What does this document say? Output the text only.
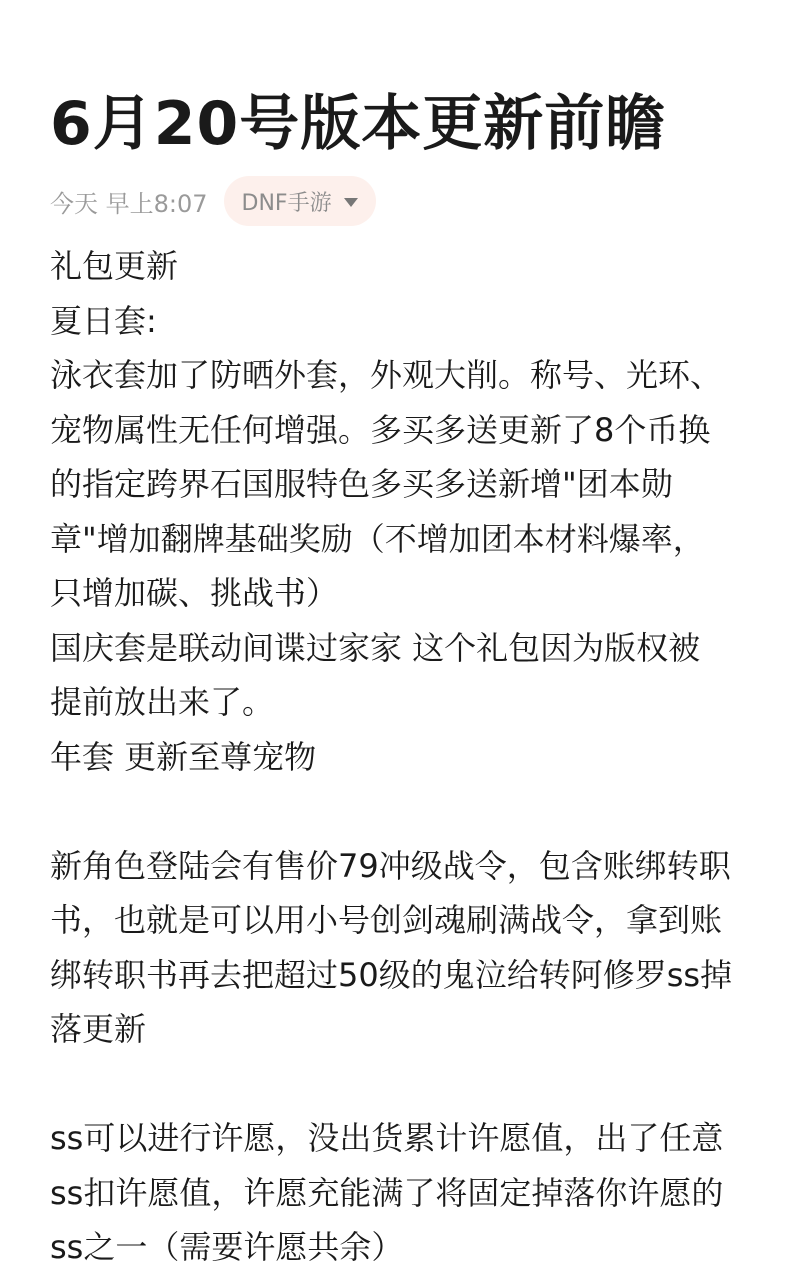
6月20号版本更新前瞻
今天 早上8:07 DNF手游
礼包更新
夏日套:
泳衣套加了防晒外套，外观大削。称号、光环、
宠物属性无任何增强。多买多送更新了8个币换
的指定跨界石国服特色多买多送新增"团本勋
章"增加翻牌基础奖励（不增加团本材料爆率，
只增加碳、挑战书）
国庆套是联动间谍过家家 这个礼包因为版权被
提前放出来了。
年套 更新至尊宠物
新角色登陆会有售价79冲级战令，包含账绑转职
书，也就是可以用小号创剑魂刷满战令，拿到账
绑转职书再去把超过50级的鬼泣给转阿修罗ss掉
落更新
ss可以进行许愿，没出货累计许愿值，出了任意
ss扣许愿值，许愿充能满了将固定掉落你许愿的
ss之一（需要许愿共余）
